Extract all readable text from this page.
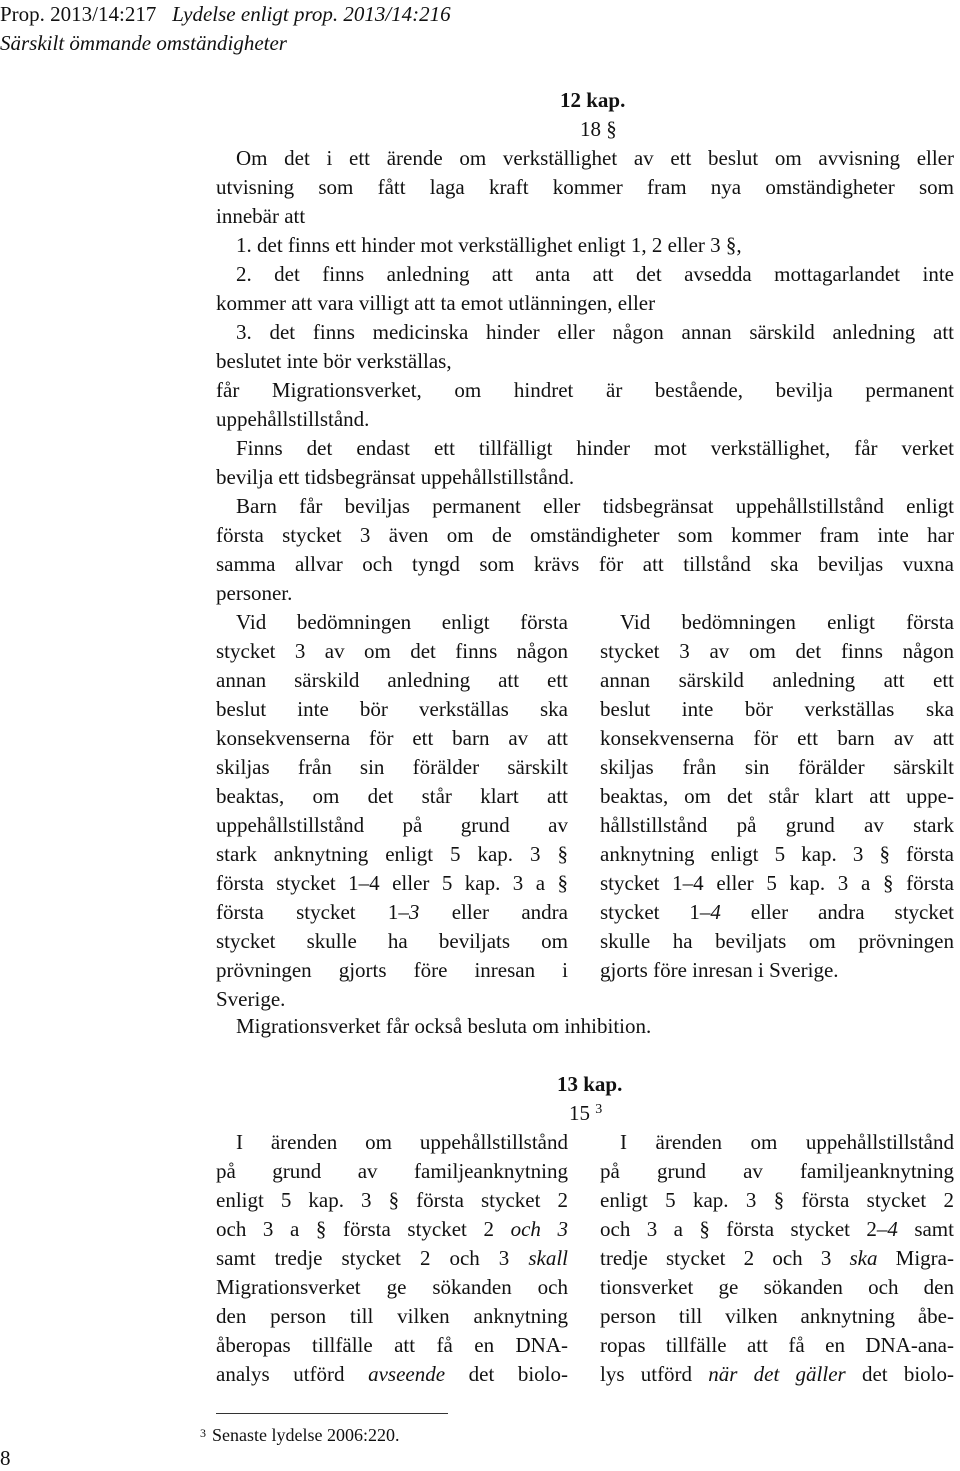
Prop. 2013/14:217 Lydelse enligt prop. 2013/14:216
Särskilt ömmande omständigheter
12 kap.
18 §
Om det i ett ärende om verkställighet av ett beslut om avvisning eller
utvisning som fått laga kraft kommer fram nya omständigheter som
innebär att
1. det finns ett hinder mot verkställighet enligt 1, 2 eller 3 §,
2. det finns anledning att anta att det avsedda mottagarlandet inte
kommer att vara villigt att ta emot utlänningen, eller
3. det finns medicinska hinder eller någon annan särskild anledning att
beslutet inte bör verkställas,
får Migrationsverket, om hindret är bestående, bevilja permanent
uppehållstillstånd.
Finns det endast ett tillfälligt hinder mot verkställighet, får verket
bevilja ett tidsbegränsat uppehållstillstånd.
Barn får beviljas permanent eller tidsbegränsat uppehållstillstånd enligt
första stycket 3 även om de omständigheter som kommer fram inte har
samma allvar och tyngd som krävs för att tillstånd ska beviljas vuxna
personer.
Vid bedömningen enligt första
stycket 3 av om det finns någon
annan särskild anledning att ett
beslut inte bör verkställas ska
konsekvenserna för ett barn av att
skiljas från sin förälder särskilt
beaktas, om det står klart att
uppehållstillstånd på grund av
stark anknytning enligt 5 kap. 3 §
första stycket 1–4 eller 5 kap. 3 a §
första stycket 1–3 eller andra
stycket skulle ha beviljats om
prövningen gjorts före inresan i
Sverige.
Vid bedömningen enligt första
stycket 3 av om det finns någon
annan särskild anledning att ett
beslut inte bör verkställas ska
konsekvenserna för ett barn av att
skiljas från sin förälder särskilt
beaktas, om det står klart att uppe-
hållstillstånd på grund av stark
anknytning enligt 5 kap. 3 § första
stycket 1–4 eller 5 kap. 3 a § första
stycket 1–4 eller andra stycket
skulle ha beviljats om prövningen
gjorts före inresan i Sverige.
Migrationsverket får också besluta om inhibition.
13 kap.
15 $^3$
I ärenden om uppehållstillstånd
på grund av familjeanknytning
enligt 5 kap. 3 § första stycket 2
och 3 a § första stycket 2 och 3
samt tredje stycket 2 och 3 skall
Migrationsverket ge sökanden och
den person till vilken anknytning
åberopas tillfälle att få en DNA-
analys utförd avseende det biolo-
I ärenden om uppehållstillstånd
på grund av familjeanknytning
enligt 5 kap. 3 § första stycket 2
och 3 a § första stycket 2–4 samt
tredje stycket 2 och 3 ska Migra-
tionsverket ge sökanden och den
person till vilken anknytning åbe-
ropas tillfälle att få en DNA-ana-
lys utförd när det gäller det biolo-
$^3$ Senaste lydelse 2006:220.
8
